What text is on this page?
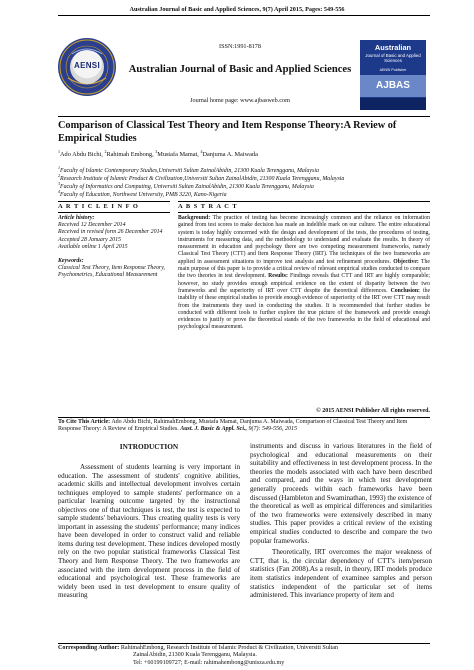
Australian Journal of Basic and Applied Sciences, 9(7) April 2015, Pages: 549-556
AENSI
ISSN:1991-8178
Australian Journal of Basic and Applied Sciences
Journal home page: www.ajbasweb.com
Australian
Journal of Basic and Applied Sciences
AENSI Publisher
AJBAS
Comparison of Classical Test Theory and Item Response Theory:A Review of Empirical Studies
$^1$Ado Abdu Bichi, $^2$Rahimah Embong, $^3$Mustafa Mamat, $^4$Danjuma A. Maiwada
$^1$Faculty of Islamic Contemporary Studies,Universiti Sultan ZainalAbidin, 21300 Kuala Terengganu, Malaysia
$^2$Research Institute of Islamic Product & Civilization,Universiti Sultan ZainalAbidin, 21300 Kuala Terengganu, Malaysia
$^3$Faculty of Informatics and Computing, Universiti Sultan ZainalAbidin, 21300 Kuala Terengganu, Malaysia
$^4$Faculty of Education, Northwest University, PMB 3220, Kano-Nigeria
A R T I C L E I N F O	A B S T R A C T
Article history:
Received 12 December 2014
Received in revised form 26 December 2014
Accepted 28 January 2015
Available online 1 April 2015
Keywords:
Classical Test Theory, Item Response Theory, Psychometrics, Educational Measurement
Background: The practice of testing has become increasingly common and the reliance on information gained from test scores to make decision has made an indelible mark on our culture. The entire educational system is today highly concerned with the design and development of the tests, the procedures of testing, instruments for measuring data, and the methodology to understand and evaluate the results. In theory of measurement in education and psychology there are two competing measurement frameworks, namely Classical Test Theory (CTT) and Item Response Theory (IRT). The techniques of the two frameworks are applied in assessment situations to improve test analysis and test refinement procedures. Objective: The main purpose of this paper is to provide a critical review of relevant empirical studies conducted to compare the two theories in test development. Results: Findings reveals that CTT and IRT are highly comparable; however, no study provides enough empirical evidence on the extent of disparity between the two frameworks and the superiority of IRT over CTT despite the theoretical differences. Conclusion: the inability of these empirical studies to provide enough evidence of superiority of the IRT over CTT may result from the instruments they used in conducting the studies. It is recommended that further studies be conducted with different tools to further explore the true picture of the framework and provide enough evidences to justify or prove the theoretical stands of the two frameworks in the field of educational and psychological measurement.
© 2015 AENSI Publisher All rights reserved.
To Cite This Article: Ado Abdu Bichi, RahimahEmbong, Mustafa Mamat, Danjuma A. Maiwada, Comparison of Classical Test Theory and Item Response Theory: A Review of Empirical Studies. Aust. J. Basic & Appl. Sci., 9(7): 549-556, 2015
INTRODUCTION

Assessment of students learning is very important in education. The assessment of students' cognitive abilities, academic skills and intellectual development involves certain techniques employed to sample students' performance on a particular learning outcome targeted by the instructional objectives one of that techniques is test, the test is expected to sample students' behaviours. Thus creating quality tests is very important in assessing the students' performance; many indices have been developed in order to construct valid and reliable items during test development. These indices developed mostly rely on the two popular statistical frameworks Classical Test Theory and Item Response Theory. The two frameworks are associated with the item development process in the field of educational and psychological test. These frameworks are widely been used in test development to ensure quality of measuring

instruments and discuss in various literatures in the field of psychological and educational measurements on their suitability and effectiveness in test development process. In the theories the models associated with each have been described and compared, and the ways in which test development generally proceeds within each frameworks have been discussed (Hambleton and Swaminathan, 1993) the existence of the theoretical as well as empirical differences and similarities of the two frameworks were extensively described in many studies. This paper provides a critical review of the existing empirical studies conducted to describe and compare the two popular frameworks.

Theoretically, IRT overcomes the major weakness of CTT, that is, the circular dependency of CTT's item/person statistics (Fan 2008).As a result, in theory, IRT models produce item statistics independent of examinee samples and person statistics independent of the particular set of items administered. This invariance property of item and

Corresponding Author: RahimahEmbong, Research Institute of Islamic Product & Civilization, Universiti Sultan
ZainalAbidin, 21300 Kuala Terengganu, Malaysia.
Tel: +60199109727; E-mail: rahimahembong@unisza.edu.my
